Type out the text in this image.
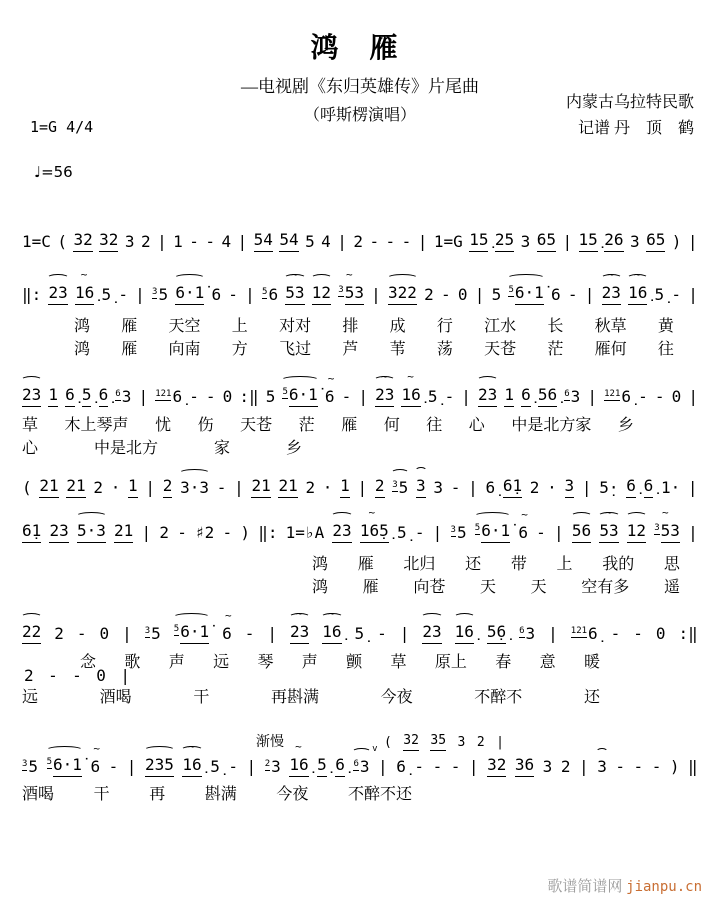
鸿 雁
—电视剧《东归英雄传》片尾曲
（呼斯楞演唱）
内蒙古乌拉特民歌
记谱 丹　顶　鹤
1=G 4/4
♩=56
1=C ( 32 32 3 2 | 1 - - 4 | 54 54 5 4 | 2 - - - | 1=G 15̣ 25 3 65 | 15̣ 26 3 65 ) |
‖: 23 16̣
~
5̣ - | 35 6·1̇ 6 - | 56 53
~
12 353
~
| 322 2 - 0 | 5 56·1̇ 6 - | 23
~
16̣
~
5̣ - |
鸿 雁 天空 上 对对 排 成 行 江水 长 秋草 黄
鸿 雁 向南 方 飞过 芦 苇 荡 天苍 茫 雁何 往
23 1 6̣ 5̣ 6̣ 63 | 1216̣ - - 0 :‖ 5 56·1̇ 6
~
- | 23
~
16̣
~
5̣ - | 23 1 6̣ 56̣ 63 | 1216̣ - - 0 |
草 木上琴声 忧 伤 天苍 茫 雁 何 往 心 中是北方家 乡
心	中是北方	家	乡
( 21 21 2 · 1 | 2 3·3 - | 21 21 2 · 1 | 2 35 3 3 - | 6̣ 6̣1 2 · 3 | 5̣· 6̣ 6̣ 1· |
6̣1 23 5·3 21 | 2 - ♯2 - ) ‖: 1=♭A 23 16̣5̣
~
5̣ - | 35 56·1̇ 6
~
- | 56 53
~
12 353
~
|
鸿 雁 北归 还 带 上 我的 思
鸿 雁 向苍 天 天 空有多 遥
22 2 - 0 | 35 56·1̇ 6
~
- | 23
~
16̣
~
5̣ - | 23 16̣ 5̣6̣ 63 | 1216̣ - - 0 :‖
念 歌 声 远 琴 声 颤 草 原上 春 意 暖
2 - - 0 |
远	酒喝	干	再斟满	今夜	不醉不	还
渐慢	( 32 35 3 2 |
35 56·1̇ 6
~
- | 235 16̣
~
5̣ - | 23 16̣
~
5̣ 6̣ 63
v
| 6̣ - - - | 32 36 3 2 | 3 - - - ) ‖
酒喝 干 再 斟满 今夜 不醉不还
歌谱简谱网 jianpu.cn
